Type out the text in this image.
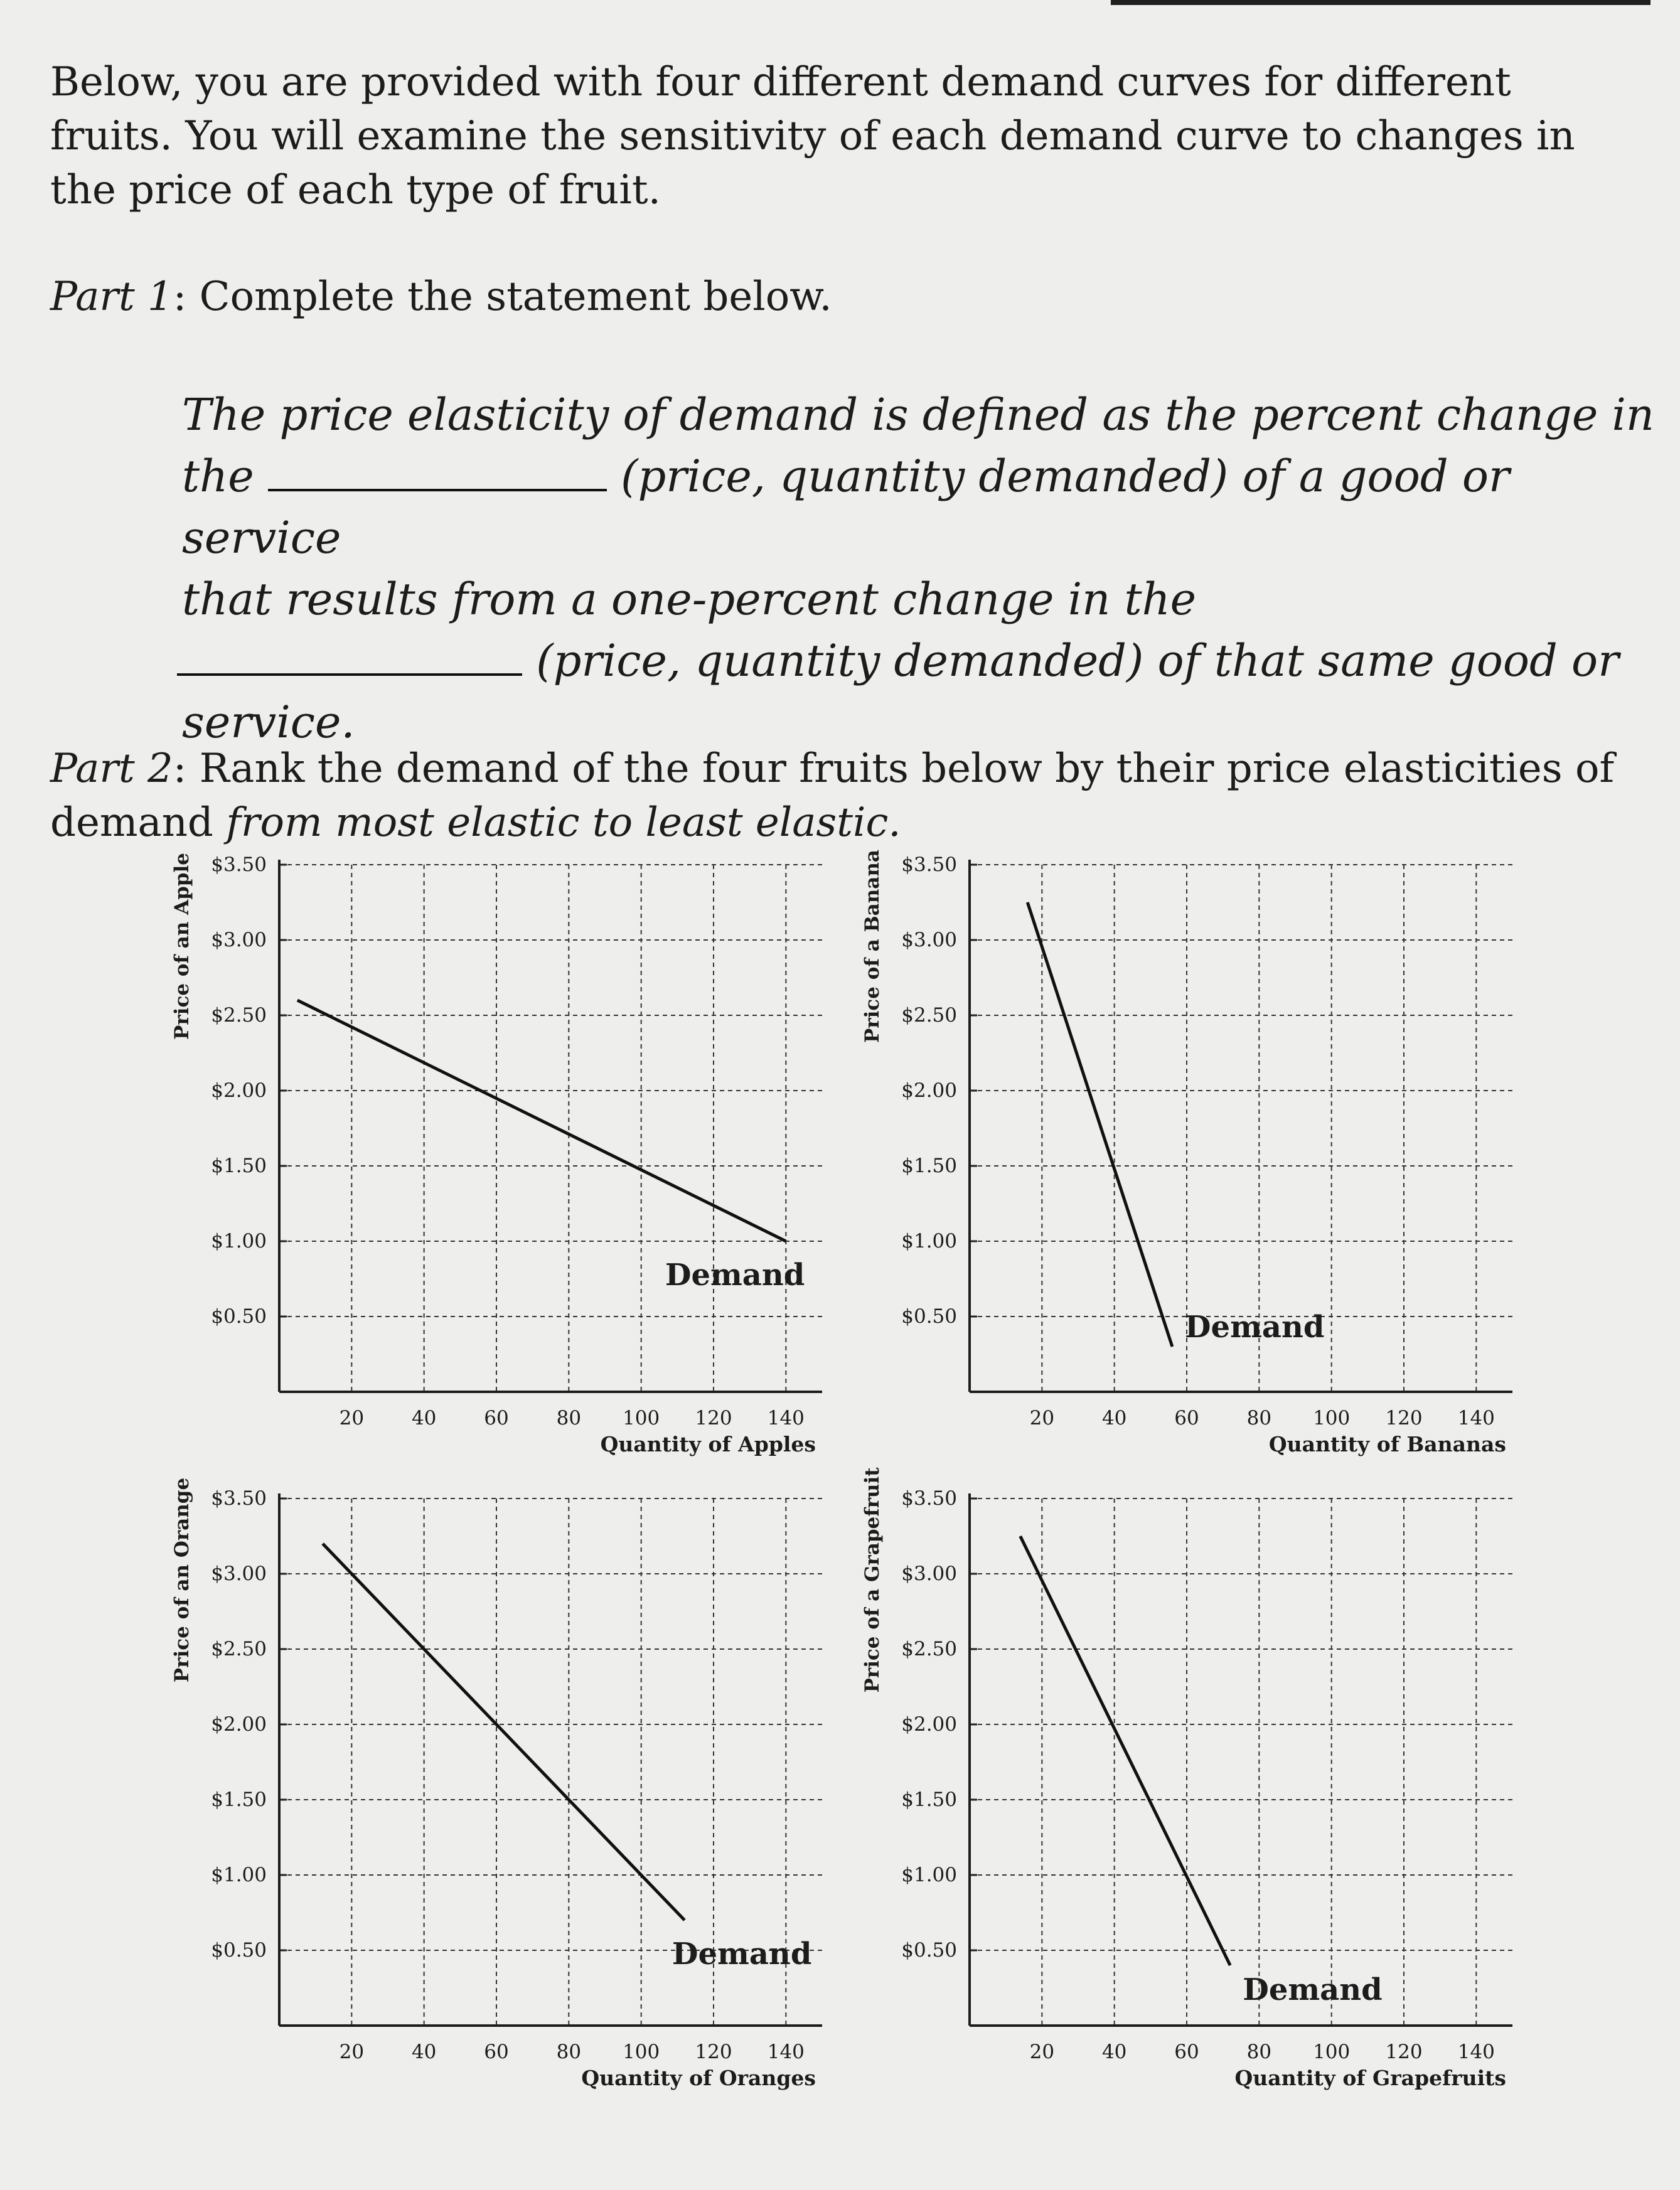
Below, you are provided with four different demand curves for different fruits. You will examine the sensitivity of each demand curve to changes in the price of each type of fruit.
Part 1: Complete the statement below.
The price elasticity of demand is defined as the percent change in
the	(price, quantity demanded) of a good or service
that results from a one-percent change in the
(price, quantity demanded) of that same good or
service.
Part 2: Rank the demand of the four fruits below by their price elasticities of demand from most elastic to least elastic.
$3.50
$3.00
$2.50
$2.00
$1.50
$1.00
$0.50
20 40 60 80 100 120 140
Quantity of Apples
Price of an Apple
Demand
$3.50
$3.00
$2.50
$2.00
$1.50
$1.00
$0.50
20 40 60 80 100 120 140
Quantity of Bananas
Price of a Banana
Demand
$3.50
$3.00
$2.50
$2.00
$1.50
$1.00
$0.50
20 40 60 80 100 120 140
Quantity of Oranges
Price of an Orange
Demand
$3.50
$3.00
$2.50
$2.00
$1.50
$1.00
$0.50
20 40 60 80 100 120 140
Quantity of Grapefruits
Price of a Grapefruit
Demand
